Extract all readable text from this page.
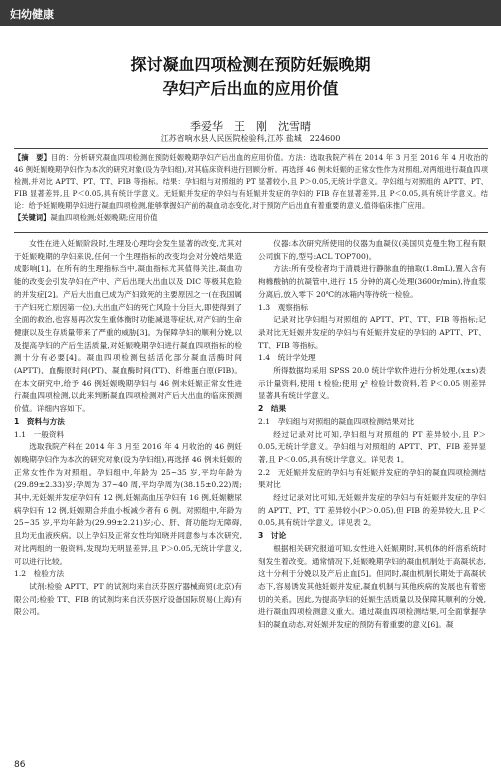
妇幼健康
探讨凝血四项检测在预防妊娠晚期
孕妇产后出血的应用价值
季爱华　王　刚　沈雪晴
江苏省响水县人民医院检验科,江苏 盐城　224600
【摘　要】目的：分析研究凝血四项检测在预防妊娠晚期孕妇产后出血的应用价值。方法：选取我院产科在 2014 年 3 月至 2016 年 4 月收治的 46 例妊娠晚期孕妇作为本次的研究对象(设为孕妇组),对其临床资料进行回顾分析。再选择 46 例未妊娠的正常女性作为对照组,对两组进行凝血四项检测,并对比 APTT、PT、TT、FIB 等指标。结果：孕妇组与对照组的 PT 显著较小,且 P＞0.05,无统计学意义。孕妇组与对照组的 APTT、PT、FIB 显著差异,且 P＜0.05,具有统计学意义。无妊娠并发症的孕妇与有妊娠并发症的孕妇的 FIB 存在显著差异,且 P＜0.05,具有统计学意义。结论：给予妊娠晚期孕妇进行凝血四项检测,能够掌握妇产前的凝血动态变化,对于预防产后出血有着重要的意义,值得临床推广应用。
【关键词】凝血四项检测;妊娠晚期;应用价值

女性在进入妊娠阶段时,生理及心理均会发生显著的改变,尤其对于妊娠晚期的孕妇来说,任何一个生理指标的改变均会对分娩结果造成影响[1]。在所有的生理指标当中,凝血指标尤其值得关注,凝血功能的改变会引发孕妇在产中、产后出现大出血以及 DIC 等极其危险的并发症[2]。产后大出血已成为产妇致死的主要原因之一(在我国属于产妇死亡原因第一位),大出血产妇的死亡风险十分巨大,即使得到了全面的救治,也容易再次发生重体衡时功能减退等症状,对产妇的生命健康以及生存质量带来了严重的威胁[3]。为保障孕妇的顺利分娩,以及提高孕妇的产后生活质量,对妊娠晚期孕妇进行凝血四项指标的检测十分有必要[4]。凝血四项检测包括活化部分凝血活酶时间(APTT)、血酶原时间(PT)、凝血酶时间(TT)、纤维蛋白原(FIB)。在本文研究中,给予 46 例妊娠晚期孕妇与 46 例未妊娠正常女性进行凝血四项检测,以此来判断凝血四项检测对产后大出血的临床预测价值。详细内容如下。

1　资料与方法

1.1　一般资料

选取我院产科在 2014 年 3 月至 2016 年 4 月收治的 46 例妊娠晚期孕妇作为本次的研究对象(设为孕妇组),再选择 46 例未妊娠的正常女性作为对照组。孕妇组中,年龄为 25~35 岁,平均年龄为(29.89±2.33)岁;孕周为 37~40 周,平均孕周为(38.15±0.22)周;其中,无妊娠并发症孕妇有 12 例,妊娠高血压孕妇有 16 例,妊娠糖尿病孕妇有 12 例,妊娠期合并血小板减少者有 6 例。对照组中,年龄为 25~35 岁,平均年龄为(29.99±2.21)岁;心、肝、肾功能均无障碍,且均无血液疾病。以上孕妇及正常女性均知晓并同意参与本次研究,对比两组的一般资料,发现均无明显差异,且 P＞0.05,无统计学意义,可以进行比较。

1.2　检验方法

试剂:检验 APTT、PT 的试剂均来自沃芬医疗器械商贸(北京)有限公司;检验 TT、FIB 的试剂均来自沃芬医疗设备国际贸易(上海)有限公司。

仪器:本次研究所使用的仪器为血凝仪(美国贝克曼生物工程有限公司旗下的,型号:ACL TOP700)。

方法:所有受检者均于清晨进行静脉血的抽取(1.8mL),置入含有枸橼酸钠的抗凝管中,进行 15 分钟的离心处理(3600r/min),待血浆分离后,放入零下 20℃的冰箱内等待统一检验。

1.3　观察指标

记录对比孕妇组与对照组的 APTT、PT、TT、FIB 等指标;记录对比无妊娠并发症的孕妇与有妊娠并发症的孕妇的 APTT、PT、TT、FIB 等指标。

1.4　统计学处理

所得数据均采用 SPSS 20.0 统计学软件进行分析处理,(x±s)表示计量资料,使用 t 检验;使用 χ² 检验计数资料,若 P＜0.05 则差异显著具有统计学意义。

2　结果

2.1　孕妇组与对照组的凝血四项检测结果对比

经过记录对比可知,孕妇组与对照组的 PT 差异较小,且 P＞0.05,无统计学意义。孕妇组与对照组的 APTT、PT、FIB 差异显著,且 P＜0.05,具有统计学意义。详见表 1。

2.2　无妊娠并发症的孕妇与有妊娠并发症的孕妇的凝血四项检测结果对比

经过记录对比可知,无妊娠并发症的孕妇与有妊娠并发症的孕妇的 APTT、PT、TT 差异较小(P＞0.05),但 FIB 的差异较大,且 P＜0.05,具有统计学意义。详见表 2。

3　讨论

根据相关研究报道可知,女性进入妊娠期时,其机体的纤溶系统时刻发生着改变。通常情况下,妊娠晚期孕妇的凝血机制处于高凝状态,这十分利于分娩以及产后止血[5]。但同时,凝血机制长期处于高凝状态下,容易诱发其他妊娠并发症,凝血机制与其他疾病的发展也有着密切的关系。因此,为提高孕妇的妊娠生活质量以及保障其顺利的分娩,进行凝血四项检测意义重大。通过凝血四项检测结果,可全面掌握孕妇的凝血动态,对妊娠并发症的预防有着重要的意义[6]。凝

86
